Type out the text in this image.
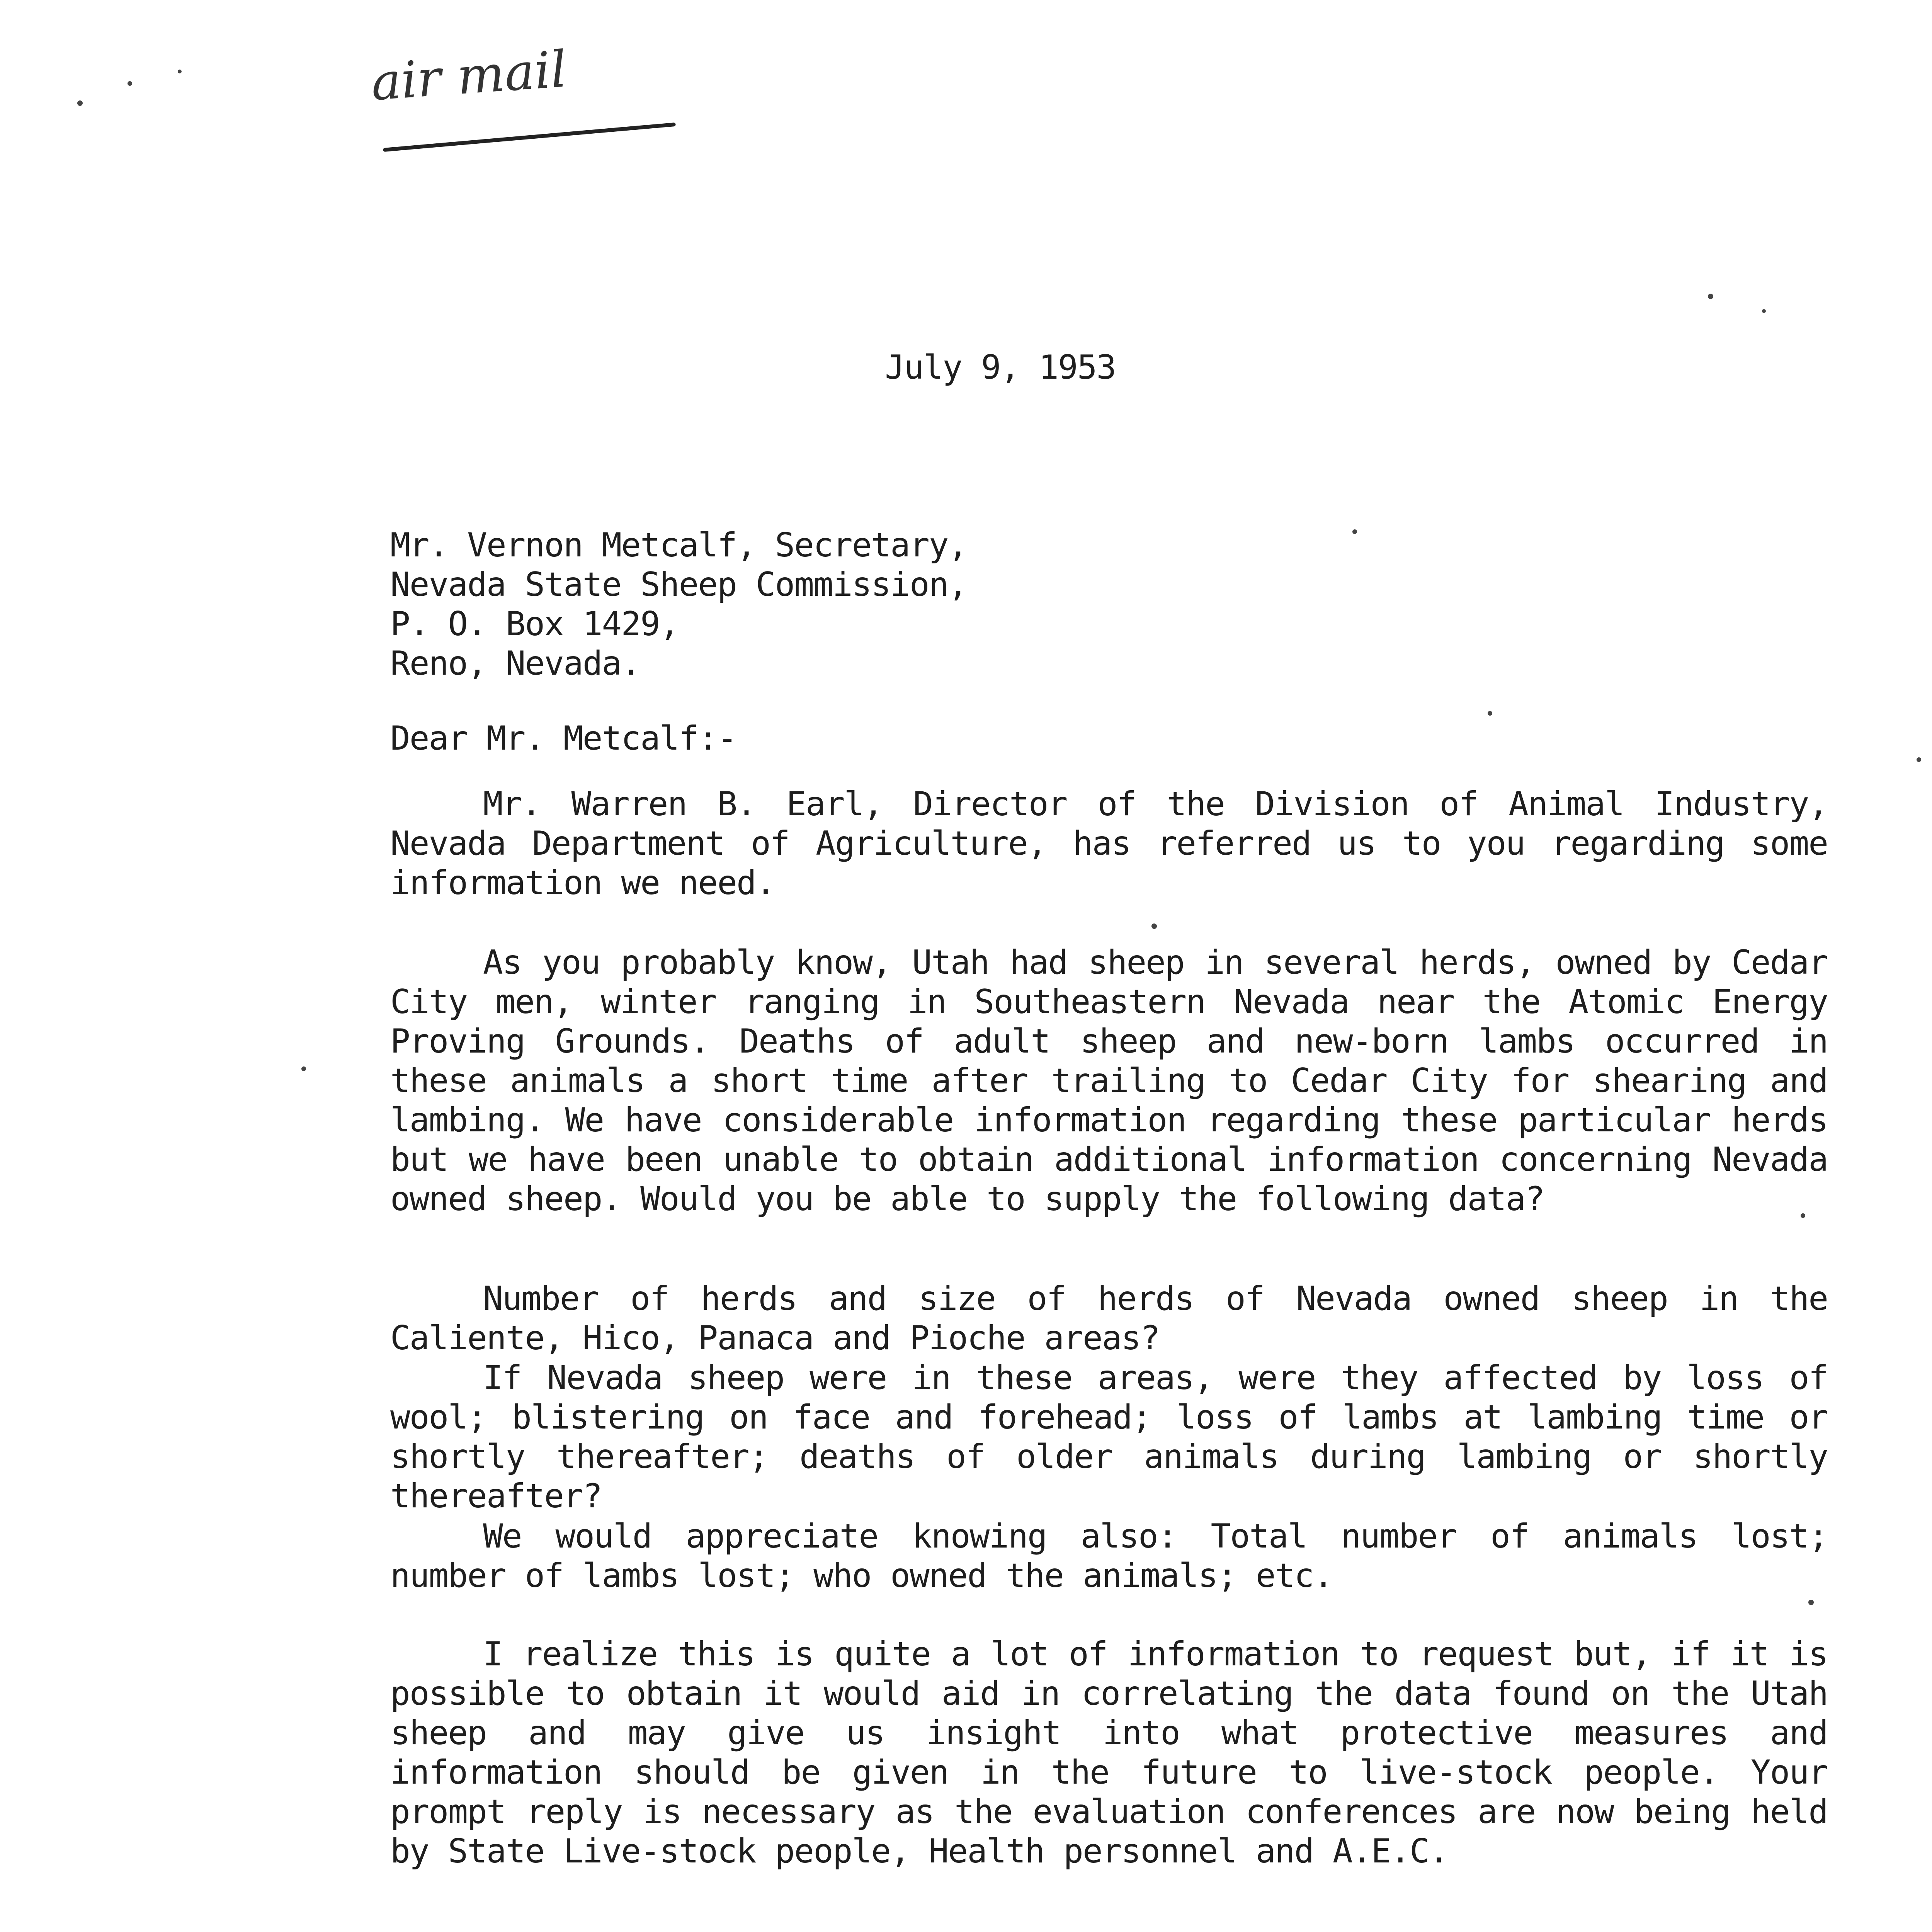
air mail
July 9, 1953
Mr. Vernon Metcalf, Secretary,
Nevada State Sheep Commission,
P. O. Box 1429,
Reno, Nevada.
Dear Mr. Metcalf:-
Mr. Warren B. Earl, Director of the Division of Animal Industry, Nevada Department of Agriculture, has referred us to you regarding some information we need.
As you probably know, Utah had sheep in several herds, owned by Cedar City men, winter ranging in Southeastern Nevada near the Atomic Energy Proving Grounds. Deaths of adult sheep and new-born lambs occurred in these animals a short time after trailing to Cedar City for shearing and lambing. We have considerable information regarding these particular herds but we have been unable to obtain additional information concerning Nevada owned sheep. Would you be able to supply the following data?
Number of herds and size of herds of Nevada owned sheep in the Caliente, Hico, Panaca and Pioche areas?
If Nevada sheep were in these areas, were they affected by loss of wool; blistering on face and forehead; loss of lambs at lambing time or shortly thereafter; deaths of older animals during lambing or shortly thereafter?
We would appreciate knowing also: Total number of animals lost; number of lambs lost; who owned the animals; etc.
I realize this is quite a lot of information to request but, if it is possible to obtain it would aid in correlating the data found on the Utah sheep and may give us insight into what protective measures and information should be given in the future to live-stock people. Your prompt reply is necessary as the evaluation conferences are now being held by State Live-stock people, Health personnel and A.E.C.
